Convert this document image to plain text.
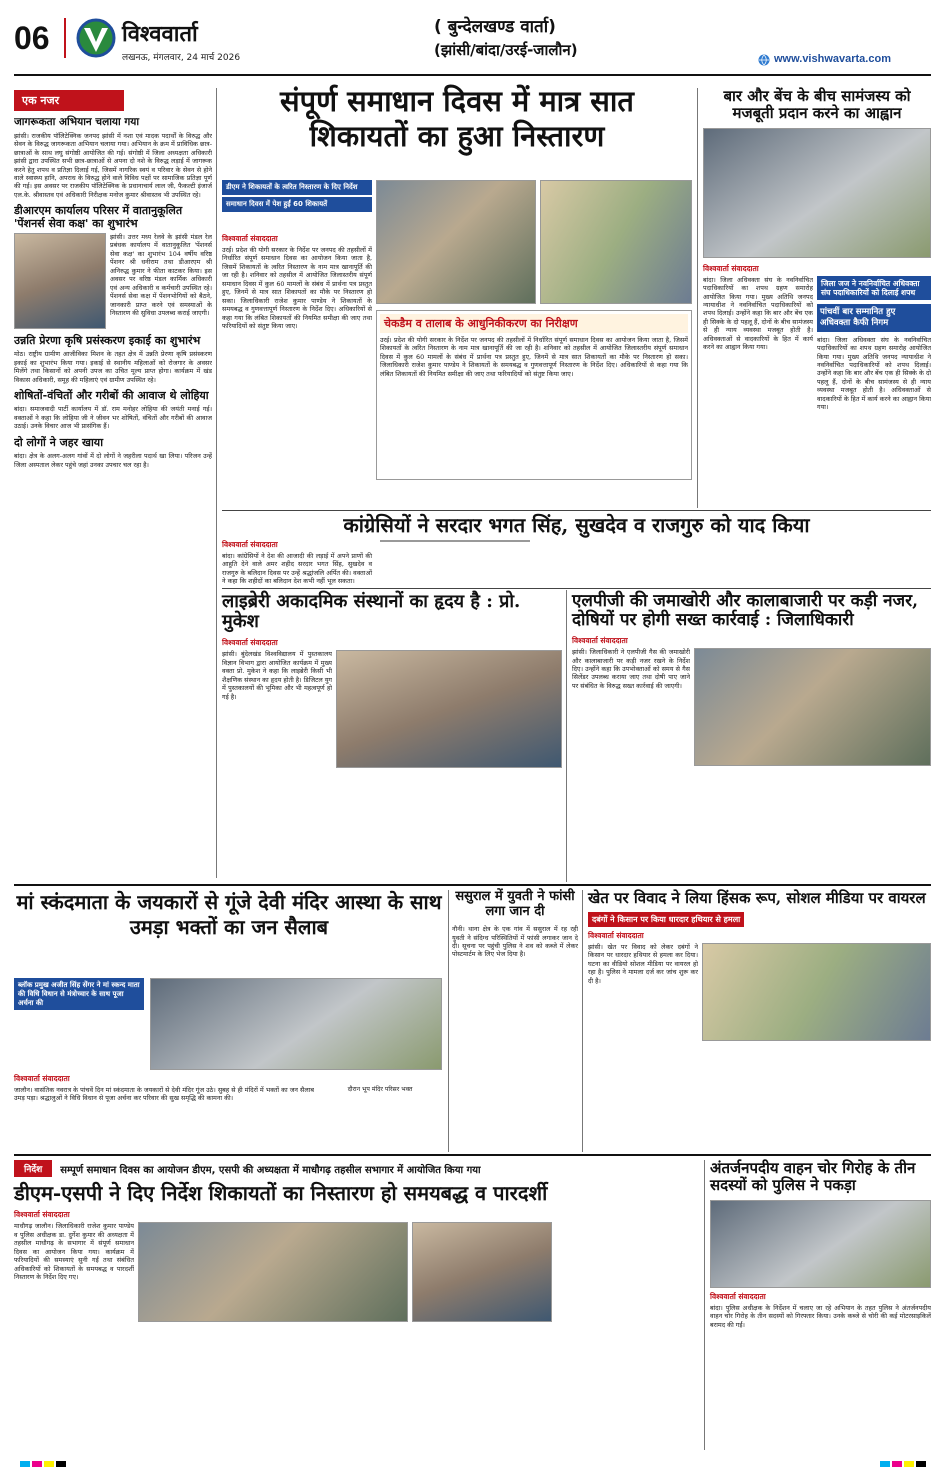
06	विश्ववार्ता
लखनऊ, मंगलवार, 24 मार्च 2026
( बुन्देलखण्ड वार्ता)
(झांसी/बांदा/उरई-जालौन)	www.vishwavarta.com
एक नजर
जागरूकता अभियान चलाया गया
झांसी। राजकीय पॉलिटेक्निक जनपद झांसी में नशा एवं मादक पदार्थों के विरुद्ध और सेवन के विरुद्ध जागरूकता अभियान चलाया गया। अभियान के क्रम में प्राविधिक छात्र-छात्राओं के साथ लघु संगोष्ठी आयोजित की गई। संगोष्ठी में जिला अध्यक्षता अधिकारी झांसी द्वारा उपस्थित सभी छात्र-छात्राओं से अपना दो नशे के विरुद्ध लड़ाई में जागरूक करने हेतु शपथ व प्रतिज्ञा दिलाई गई, जिसमें नागरिक स्वयं व परिवार के सेवन से होने वाले स्वास्थ्य हानि, अपराध के विरुद्ध होने वाले विविध पक्षों पर सामाजिक प्रतिज्ञा पूर्ण की गई। इस अवसर पर राजकीय पॉलिटेक्निक के प्रधानाचार्य लाल जी, फैकल्टी इंजार्ज एल.के. श्रीवास्तव एवं अधिकारी निरीक्षक मनोज कुमार श्रीवास्तव भी उपस्थित रहे।
डीआरएम कार्यालय परिसर में वातानुकूलित 'पेंशनर्स सेवा कक्ष' का शुभारंभ
झांसी। उत्तर मध्य रेलवे के झांसी मंडल रेल प्रबंधक कार्यालय में वातानुकूलित 'पेंशनर्स सेवा कक्ष' का शुभारंभ 104 वर्षीय वरिष्ठ पेंशनर श्री धनीराम तथा डीआरएम श्री अनिरुद्ध कुमार ने फीता काटकर किया। इस अवसर पर वरिष्ठ मंडल कार्मिक अधिकारी एवं अन्य अधिकारी व कर्मचारी उपस्थित रहे। पेंशनर्स सेवा कक्ष में पेंशनभोगियों को बैठने, जानकारी प्राप्त करने एवं समस्याओं के निस्तारण की सुविधा उपलब्ध कराई जाएगी।
उन्नति प्रेरणा कृषि प्रसंस्करण इकाई का शुभारंभ
मोठ। राष्ट्रीय ग्रामीण आजीविका मिशन के तहत क्षेत्र में उन्नति प्रेरणा कृषि प्रसंस्करण इकाई का शुभारंभ किया गया। इकाई से स्थानीय महिलाओं को रोजगार के अवसर मिलेंगे तथा किसानों को अपनी उपज का उचित मूल्य प्राप्त होगा। कार्यक्रम में खंड विकास अधिकारी, समूह की महिलाएं एवं ग्रामीण उपस्थित रहे।
शोषितों-वंचितों और गरीबों की आवाज थे लोहिया
बांदा। समाजवादी पार्टी कार्यालय में डॉ. राम मनोहर लोहिया की जयंती मनाई गई। वक्ताओं ने कहा कि लोहिया जी ने जीवन भर शोषितों, वंचितों और गरीबों की आवाज उठाई। उनके विचार आज भी प्रासंगिक हैं।
दो लोगों ने जहर खाया
बांदा। क्षेत्र के अलग-अलग गांवों में दो लोगों ने जहरीला पदार्थ खा लिया। परिजन उन्हें जिला अस्पताल लेकर पहुंचे जहां उनका उपचार चल रहा है।
संपूर्ण समाधान दिवस में मात्र सात शिकायतों का हुआ निस्तारण
डीएम ने शिकायतों के त्वरित निस्तारण के दिए निर्देश
समाधान दिवस में पेश हुईं 60 शिकायतें
विश्ववार्ता संवाददाता
उरई। प्रदेश की योगी सरकार के निर्देश पर जनपद की तहसीलों में निर्धारित संपूर्ण समाधान दिवस का आयोजन किया जाता है, जिसमें शिकायतों के त्वरित निस्तारण के नाम मात्र खानापूर्ति की जा रही है। शनिवार को तहसील में आयोजित जिलास्तरीय संपूर्ण समाधान दिवस में कुल 60 मामलों के संबंध में प्रार्थना पत्र प्रस्तुत हुए, जिनमें से मात्र सात शिकायतों का मौके पर निस्तारण हो सका। जिलाधिकारी राजेश कुमार पाण्डेय ने शिकायतों के समयबद्ध व गुणवत्तापूर्ण निस्तारण के निर्देश दिए। अधिकारियों से कहा गया कि लंबित शिकायतों की नियमित समीक्षा की जाए तथा फरियादियों को संतुष्ट किया जाए।	चेकडैम व तालाब के आधुनिकीकरण का निरीक्षण
उरई। प्रदेश की योगी सरकार के निर्देश पर जनपद की तहसीलों में निर्धारित संपूर्ण समाधान दिवस का आयोजन किया जाता है, जिसमें शिकायतों के त्वरित निस्तारण के नाम मात्र खानापूर्ति की जा रही है। शनिवार को तहसील में आयोजित जिलास्तरीय संपूर्ण समाधान दिवस में कुल 60 मामलों के संबंध में प्रार्थना पत्र प्रस्तुत हुए, जिनमें से मात्र सात शिकायतों का मौके पर निस्तारण हो सका। जिलाधिकारी राजेश कुमार पाण्डेय ने शिकायतों के समयबद्ध व गुणवत्तापूर्ण निस्तारण के निर्देश दिए। अधिकारियों से कहा गया कि लंबित शिकायतों की नियमित समीक्षा की जाए तथा फरियादियों को संतुष्ट किया जाए।
बार और बेंच के बीच सामंजस्य को मजबूती प्रदान करने का आह्वान
विश्ववार्ता संवाददाता
बांदा। जिला अधिवक्ता संघ के नवनिर्वाचित पदाधिकारियों का शपथ ग्रहण समारोह आयोजित किया गया। मुख्य अतिथि जनपद न्यायाधीश ने नवनिर्वाचित पदाधिकारियों को शपथ दिलाई। उन्होंने कहा कि बार और बेंच एक ही सिक्के के दो पहलू हैं, दोनों के बीच सामंजस्य से ही न्याय व्यवस्था मजबूत होती है। अधिवक्ताओं से वादकारियों के हित में कार्य करने का आह्वान किया गया।
जिला जज ने नवनिर्वाचित अधिवक्ता संघ पदाधिकारियों को दिलाई शपथ
पांचवीं बार सम्मानित हुए अधिवक्ता कैफी निगम
बांदा। जिला अधिवक्ता संघ के नवनिर्वाचित पदाधिकारियों का शपथ ग्रहण समारोह आयोजित किया गया। मुख्य अतिथि जनपद न्यायाधीश ने नवनिर्वाचित पदाधिकारियों को शपथ दिलाई। उन्होंने कहा कि बार और बेंच एक ही सिक्के के दो पहलू हैं, दोनों के बीच सामंजस्य से ही न्याय व्यवस्था मजबूत होती है। अधिवक्ताओं से वादकारियों के हित में कार्य करने का आह्वान किया गया।
कांग्रेसियों ने सरदार भगत सिंह, सुखदेव व राजगुरु को याद किया
विश्ववार्ता संवाददाता
बांदा। कांग्रेसियों ने देश की आजादी की लड़ाई में अपने प्राणों की आहुति देने वाले अमर शहीद सरदार भगत सिंह, सुखदेव व राजगुरु के बलिदान दिवस पर उन्हें श्रद्धांजलि अर्पित की। वक्ताओं ने कहा कि शहीदों का बलिदान देश कभी नहीं भूल सकता।
लाइब्रेरी अकादमिक संस्थानों का हृदय है : प्रो. मुकेश
विश्ववार्ता संवाददाता
झांसी। बुंदेलखंड विश्वविद्यालय में पुस्तकालय विज्ञान विभाग द्वारा आयोजित कार्यक्रम में मुख्य वक्ता प्रो. मुकेश ने कहा कि लाइब्रेरी किसी भी शैक्षणिक संस्थान का हृदय होती है। डिजिटल युग में पुस्तकालयों की भूमिका और भी महत्वपूर्ण हो गई है।
एलपीजी की जमाखोरी और कालाबाजारी पर कड़ी नजर, दोषियों पर होगी सख्त कार्रवाई : जिलाधिकारी
विश्ववार्ता संवाददाता
झांसी। जिलाधिकारी ने एलपीजी गैस की जमाखोरी और कालाबाजारी पर कड़ी नजर रखने के निर्देश दिए। उन्होंने कहा कि उपभोक्ताओं को समय से गैस सिलेंडर उपलब्ध कराया जाए तथा दोषी पाए जाने पर संबंधित के विरुद्ध सख्त कार्रवाई की जाएगी।
मां स्कंदमाता के जयकारों से गूंजे देवी मंदिर आस्था के साथ उमड़ा भक्तों का जन सैलाब
ब्लॉक प्रमुख अजीत सिंह सेंगर ने मां स्कन्द माता की विधि विधान से मंत्रोच्चार के साथ पूजा अर्चना की
विश्ववार्ता संवाददाता
जालौन। वासंतिक नवरात्र के पांचवें दिन मां स्कंदमाता के जयकारों से देवी मंदिर गूंज उठे। सुबह से ही मंदिरों में भक्तों का जन सैलाब उमड़ पड़ा। श्रद्धालुओं ने विधि विधान से पूजा अर्चना कर परिवार की सुख समृद्धि की कामना की।
दौरान भूप मंदिर परिसर भक्त
ससुराल में युवती ने फांसी लगा जान दी
नौनी। थाना क्षेत्र के एक गांव में ससुराल में रह रही युवती ने संदिग्ध परिस्थितियों में फांसी लगाकर जान दे दी। सूचना पर पहुंची पुलिस ने शव को कब्जे में लेकर पोस्टमार्टम के लिए भेज दिया है।
खेत पर विवाद ने लिया हिंसक रूप, सोशल मीडिया पर वायरल
दबंगों ने किसान पर किया धारदार हथियार से हमला
विश्ववार्ता संवाददाता
झांसी। खेत पर विवाद को लेकर दबंगों ने किसान पर धारदार हथियार से हमला कर दिया। घटना का वीडियो सोशल मीडिया पर वायरल हो रहा है। पुलिस ने मामला दर्ज कर जांच शुरू कर दी है।
निर्देश	सम्पूर्ण समाधान दिवस का आयोजन डीएम, एसपी की अध्यक्षता में माधौगढ़ तहसील सभागार में आयोजित किया गया
डीएम-एसपी ने दिए निर्देश शिकायतों का निस्तारण हो समयबद्ध व पारदर्शी
विश्ववार्ता संवाददाता
माधौगढ़ जालौन। जिलाधिकारी राजेश कुमार पाण्डेय व पुलिस अधीक्षक डा. दुर्गेश कुमार की अध्यक्षता में तहसील माधौगढ़ के सभागार में संपूर्ण समाधान दिवस का आयोजन किया गया। कार्यक्रम में फरियादियों की समस्याएं सुनी गईं तथा संबंधित अधिकारियों को शिकायतों के समयबद्ध व पारदर्शी निस्तारण के निर्देश दिए गए।
अंतर्जनपदीय वाहन चोर गिरोह के तीन सदस्यों को पुलिस ने पकड़ा
विश्ववार्ता संवाददाता
बांदा। पुलिस अधीक्षक के निर्देशन में चलाए जा रहे अभियान के तहत पुलिस ने अंतर्जनपदीय वाहन चोर गिरोह के तीन सदस्यों को गिरफ्तार किया। उनके कब्जे से चोरी की कई मोटरसाइकिलें बरामद की गईं।
